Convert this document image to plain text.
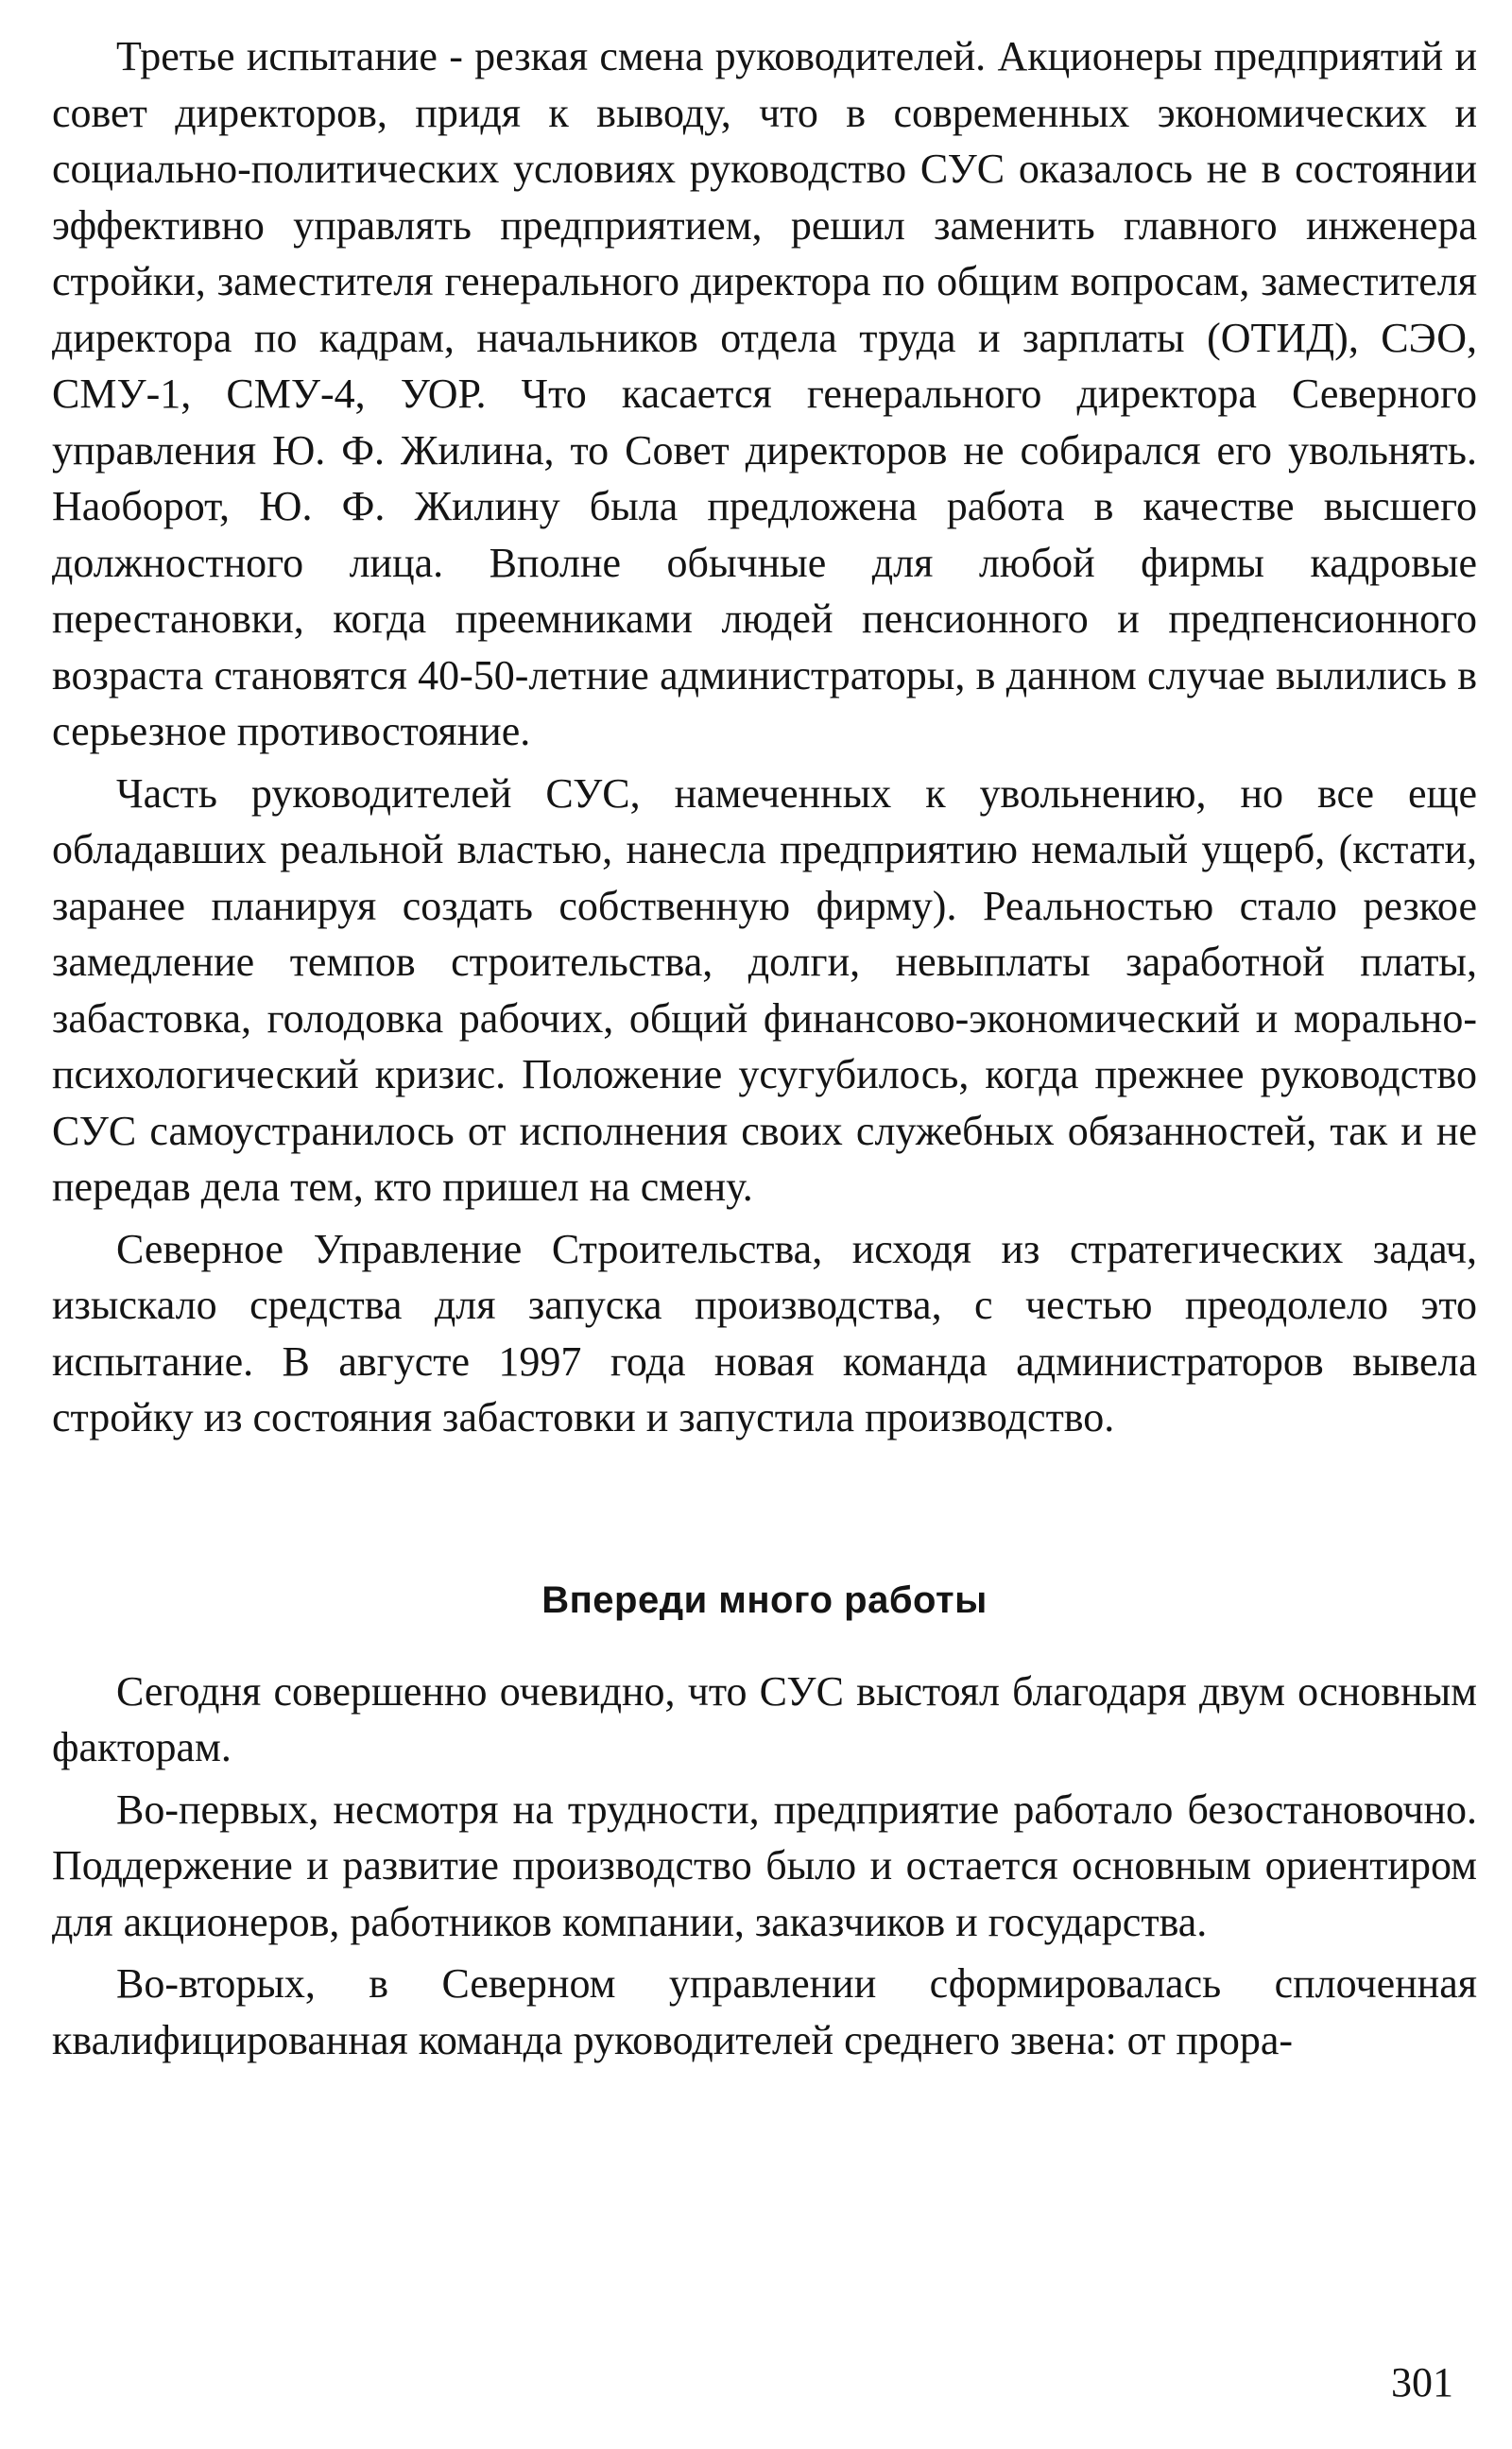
Третье испытание - резкая смена руководителей. Акционеры предприятий и совет директоров, придя к выводу, что в современных экономических и социально-политических условиях руководство СУС оказалось не в состоянии эффективно управлять предприятием, решил заменить главного инженера стройки, заместителя генерального директора по общим вопросам, заместителя директора по кадрам, начальников отдела труда и зарплаты (ОТИД), СЭО, СМУ-1, СМУ-4, УОР. Что касается генерального директора Северного управления Ю. Ф. Жилина, то Совет директоров не собирался его увольнять. Наоборот, Ю. Ф. Жилину была предложена работа в качестве высшего должностного лица. Вполне обычные для любой фирмы кадровые перестановки, когда преемниками людей пенсионного и предпенсионного возраста становятся 40-50-летние администраторы, в данном случае вылились в серьезное противостояние.

Часть руководителей СУС, намеченных к увольнению, но все еще обладавших реальной властью, нанесла предприятию немалый ущерб, (кстати, заранее планируя создать собственную фирму). Реальностью стало резкое замедление темпов строительства, долги, невыплаты заработной платы, забастовка, голодовка рабочих, общий финансово-экономический и морально-психологический кризис. Положение усугубилось, когда прежнее руководство СУС самоустранилось от исполнения своих служебных обязанностей, так и не передав дела тем, кто пришел на смену.

Северное Управление Строительства, исходя из стратегических задач, изыскало средства для запуска производства, с честью преодолело это испытание. В августе 1997 года новая команда администраторов вывела стройку из состояния забастовки и запустила производство.

Впереди много работы

Сегодня совершенно очевидно, что СУС выстоял благодаря двум основным факторам.

Во-первых, несмотря на трудности, предприятие работало безостановочно. Поддержение и развитие производство было и остается основным ориентиром для акционеров, работников компании, заказчиков и государства.

Во-вторых, в Северном управлении сформировалась сплоченная квалифицированная команда руководителей среднего звена: от прора-

301
